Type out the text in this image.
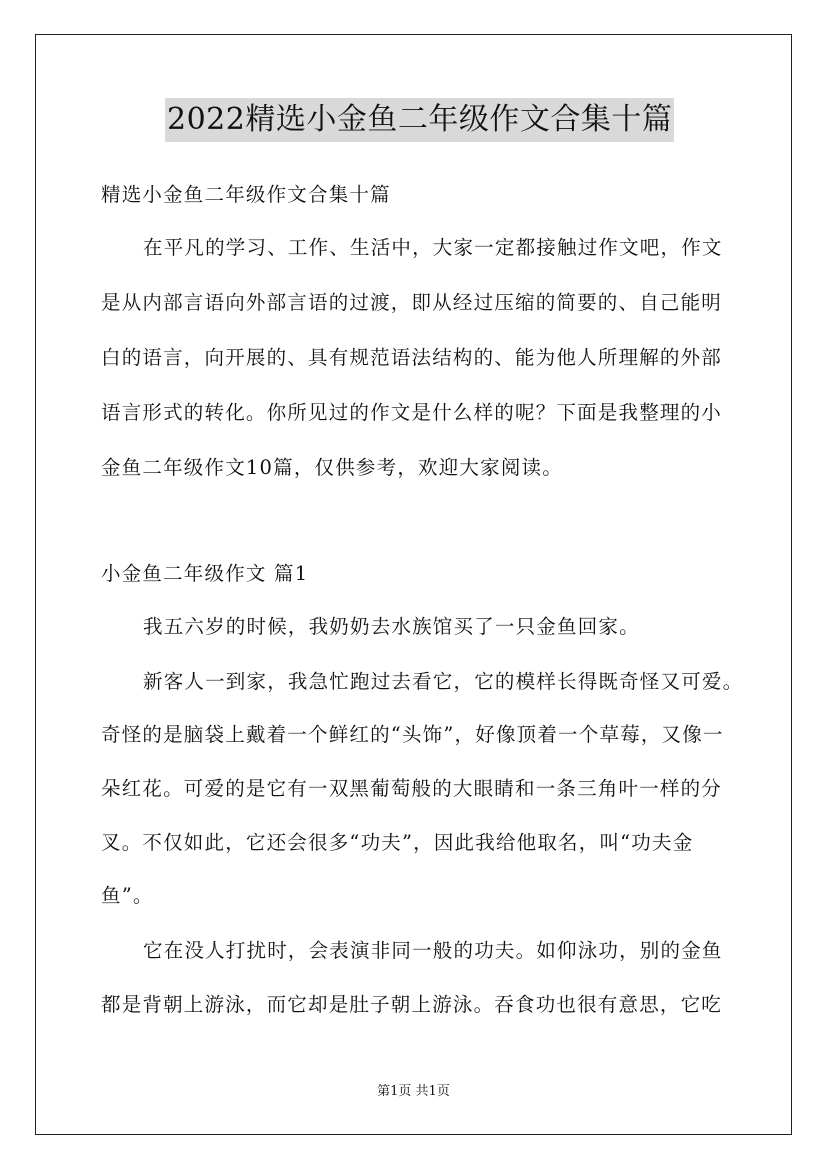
2022精选小金鱼二年级作文合集十篇
精选小金鱼二年级作文合集十篇
在平凡的学习、工作、生活中，大家一定都接触过作文吧，作文
是从内部言语向外部言语的过渡，即从经过压缩的简要的、自己能明
白的语言，向开展的、具有规范语法结构的、能为他人所理解的外部
语言形式的转化。你所见过的作文是什么样的呢？下面是我整理的小
金鱼二年级作文10篇，仅供参考，欢迎大家阅读。
小金鱼二年级作文 篇1
我五六岁的时候，我奶奶去水族馆买了一只金鱼回家。
新客人一到家，我急忙跑过去看它，它的模样长得既奇怪又可爱。
奇怪的是脑袋上戴着一个鲜红的“头饰”，好像顶着一个草莓，又像一
朵红花。可爱的是它有一双黑葡萄般的大眼睛和一条三角叶一样的分
叉。不仅如此，它还会很多“功夫”，因此我给他取名，叫“功夫金
鱼”。
它在没人打扰时，会表演非同一般的功夫。如仰泳功，别的金鱼
都是背朝上游泳，而它却是肚子朝上游泳。吞食功也很有意思，它吃
第1页 共1页
